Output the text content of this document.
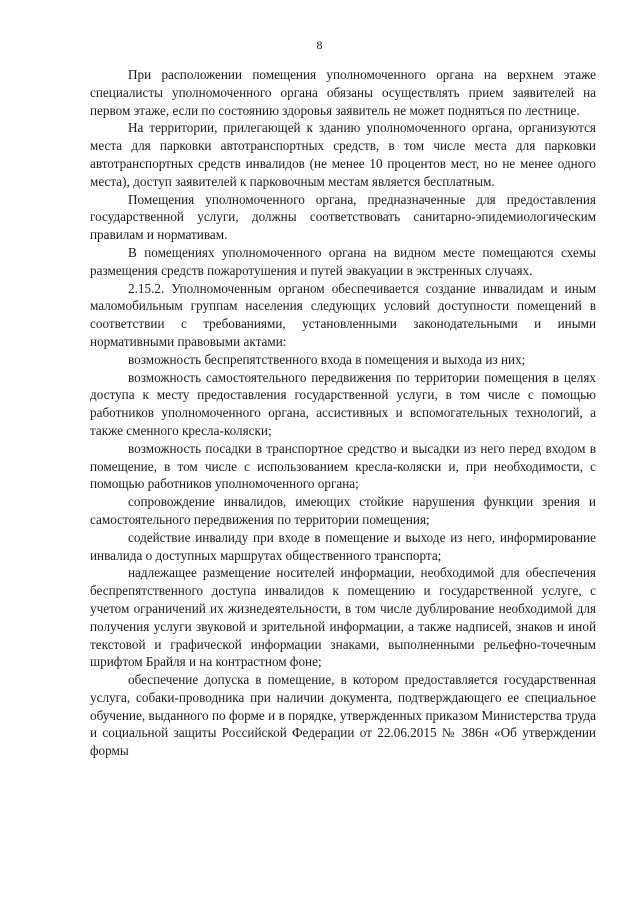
8

При расположении помещения уполномоченного органа на верхнем этаже специалисты уполномоченного органа обязаны осуществлять прием заявителей на первом этаже, если по состоянию здоровья заявитель не может подняться по лестнице.

На территории, прилегающей к зданию уполномоченного органа, организуются места для парковки автотранспортных средств, в том числе места для парковки автотранспортных средств инвалидов (не менее 10 процентов мест, но не менее одного места), доступ заявителей к парковочным местам является бесплатным.

Помещения уполномоченного органа, предназначенные для предоставления государственной услуги, должны соответствовать санитарно-эпидемиологическим правилам и нормативам.

В помещениях уполномоченного органа на видном месте помещаются схемы размещения средств пожаротушения и путей эвакуации в экстренных случаях.

2.15.2. Уполномоченным органом обеспечивается создание инвалидам и иным маломобильным группам населения следующих условий доступности помещений в соответствии с требованиями, установленными законодательными и иными нормативными правовыми актами:

возможность беспрепятственного входа в помещения и выхода из них;

возможность самостоятельного передвижения по территории помещения в целях доступа к месту предоставления государственной услуги, в том числе с помощью работников уполномоченного органа, ассистивных и вспомогательных технологий, а также сменного кресла-коляски;

возможность посадки в транспортное средство и высадки из него перед входом в помещение, в том числе с использованием кресла-коляски и, при необходимости, с помощью работников уполномоченного органа;

сопровождение инвалидов, имеющих стойкие нарушения функции зрения и самостоятельного передвижения по территории помещения;

содействие инвалиду при входе в помещение и выходе из него, информирование инвалида о доступных маршрутах общественного транспорта;

надлежащее размещение носителей информации, необходимой для обеспечения беспрепятственного доступа инвалидов к помещению и государственной услуге, с учетом ограничений их жизнедеятельности, в том числе дублирование необходимой для получения услуги звуковой и зрительной информации, а также надписей, знаков и иной текстовой и графической информации знаками, выполненными рельефно-точечным шрифтом Брайля и на контрастном фоне;

обеспечение допуска в помещение, в котором предоставляется государственная услуга, собаки-проводника при наличии документа, подтверждающего ее специальное обучение, выданного по форме и в порядке, утвержденных приказом Министерства труда и социальной защиты Российской Федерации от 22.06.2015 № 386н «Об утверждении формы
